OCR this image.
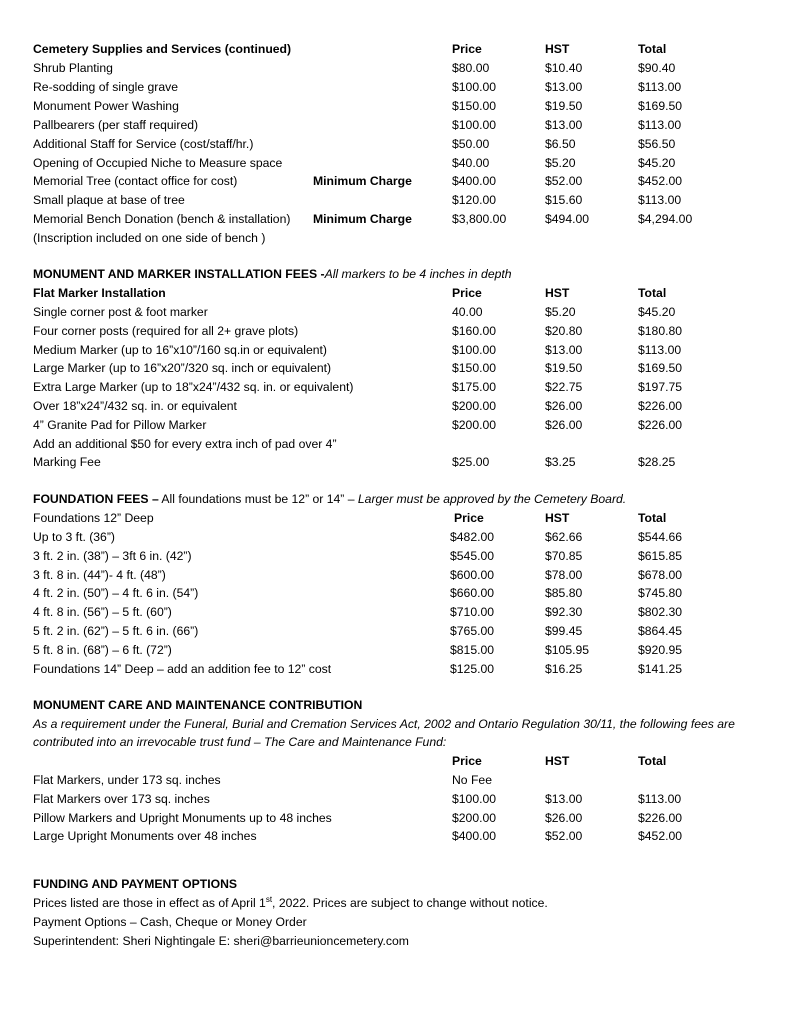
Cemetery Supplies and Services (continued)	Price	HST	Total
Shrub Planting	$80.00	$10.40	$90.40
Re-sodding of single grave	$100.00	$13.00	$113.00
Monument Power Washing	$150.00	$19.50	$169.50
Pallbearers (per staff required)	$100.00	$13.00	$113.00
Additional Staff for Service (cost/staff/hr.)	$50.00	$6.50	$56.50
Opening of Occupied Niche to Measure space	$40.00	$5.20	$45.20
Memorial Tree (contact office for cost)	Minimum Charge	$400.00	$52.00	$452.00
Small plaque at base of tree	$120.00	$15.60	$113.00
Memorial Bench Donation (bench & installation) Minimum Charge	$3,800.00	$494.00	$4,294.00
(Inscription included on one side of bench )
MONUMENT AND MARKER INSTALLATION FEES -All markers to be 4 inches in depth
Flat Marker Installation	Price	HST	Total
Single corner post & foot marker	40.00	$5.20	$45.20
Four corner posts (required for all 2+ grave plots)	$160.00	$20.80	$180.80
Medium Marker (up to 16”x10”/160 sq.in or equivalent)	$100.00	$13.00	$113.00
Large Marker (up to 16”x20”/320 sq. inch or equivalent)	$150.00	$19.50	$169.50
Extra Large Marker (up to 18”x24”/432 sq. in. or equivalent)	$175.00	$22.75	$197.75
Over 18”x24”/432 sq. in. or equivalent	$200.00	$26.00	$226.00
4” Granite Pad for Pillow Marker	$200.00	$26.00	$226.00
Add an additional $50 for every extra inch of pad over 4”
Marking Fee	$25.00	$3.25	$28.25
FOUNDATION FEES – All foundations must be 12” or 14” – Larger must be approved by the Cemetery Board.
Foundations 12” Deep	Price	HST	Total
Up to 3 ft. (36”)	$482.00	$62.66	$544.66
3 ft. 2 in. (38”) – 3ft 6 in. (42”)	$545.00	$70.85	$615.85
3 ft. 8 in. (44”)- 4 ft. (48”)	$600.00	$78.00	$678.00
4 ft. 2 in. (50”) – 4 ft. 6 in. (54”)	$660.00	$85.80	$745.80
4 ft. 8 in. (56”) – 5 ft. (60”)	$710.00	$92.30	$802.30
5 ft. 2 in. (62”) – 5 ft. 6 in. (66”)	$765.00	$99.45	$864.45
5 ft. 8 in. (68”) – 6 ft. (72”)	$815.00	$105.95	$920.95
Foundations 14” Deep – add an addition fee to 12” cost	$125.00	$16.25	$141.25
MONUMENT CARE AND MAINTENANCE CONTRIBUTION
As a requirement under the Funeral, Burial and Cremation Services Act, 2002 and Ontario Regulation 30/11, the following fees are contributed into an irrevocable trust fund – The Care and Maintenance Fund:
Price	HST	Total
Flat Markers, under 173 sq. inches	No Fee
Flat Markers over 173 sq. inches	$100.00	$13.00	$113.00
Pillow Markers and Upright Monuments up to 48 inches	$200.00	$26.00	$226.00
Large Upright Monuments over 48 inches	$400.00	$52.00	$452.00
FUNDING AND PAYMENT OPTIONS
Prices listed are those in effect as of April 1st, 2022. Prices are subject to change without notice.
Payment Options – Cash, Cheque or Money Order
Superintendent: Sheri Nightingale E: sheri@barrieunioncemetery.com
